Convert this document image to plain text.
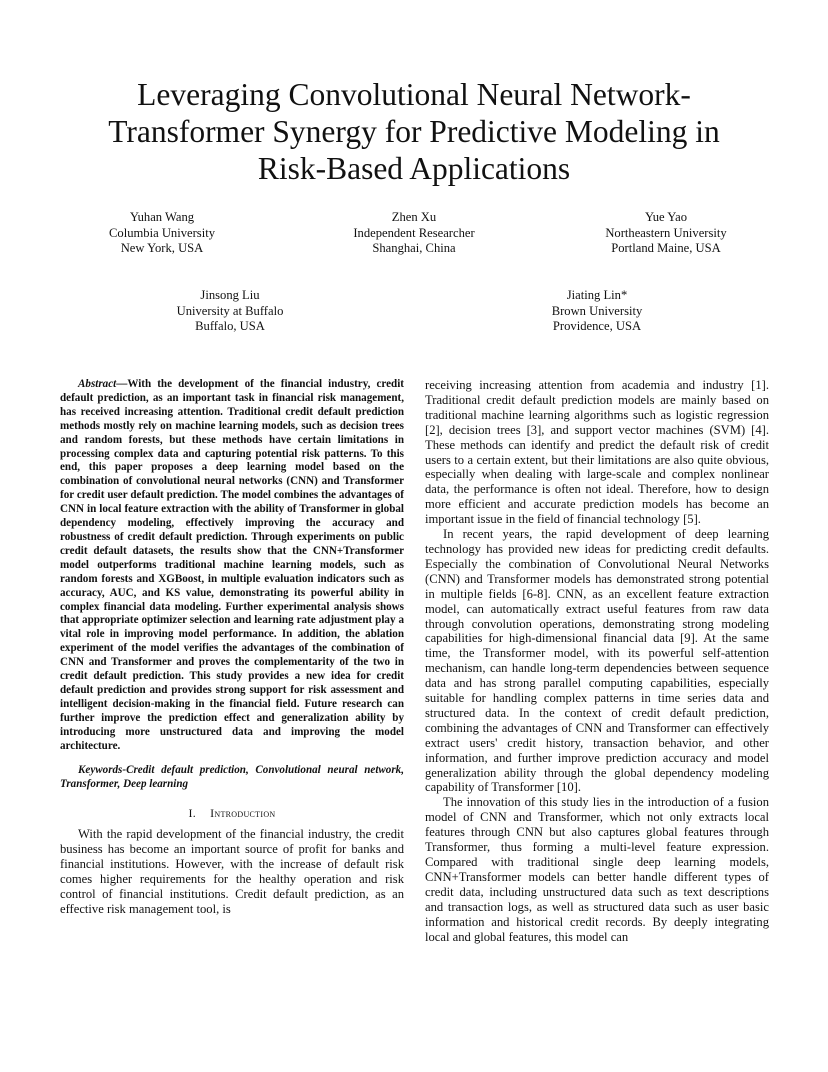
Leveraging Convolutional Neural Network-
Transformer Synergy for Predictive Modeling in
Risk-Based Applications
Yuhan Wang
Columbia University
New York, USA
Zhen Xu
Independent Researcher
Shanghai, China
Yue Yao
Northeastern University
Portland Maine, USA
Jinsong Liu
University at Buffalo
Buffalo, USA
Jiating Lin*
Brown University
Providence, USA

Abstract—With the development of the financial industry, credit default prediction, as an important task in financial risk management, has received increasing attention. Traditional credit default prediction methods mostly rely on machine learning models, such as decision trees and random forests, but these methods have certain limitations in processing complex data and capturing potential risk patterns. To this end, this paper proposes a deep learning model based on the combination of convolutional neural networks (CNN) and Transformer for credit user default prediction. The model combines the advantages of CNN in local feature extraction with the ability of Transformer in global dependency modeling, effectively improving the accuracy and robustness of credit default prediction. Through experiments on public credit default datasets, the results show that the CNN+Transformer model outperforms traditional machine learning models, such as random forests and XGBoost, in multiple evaluation indicators such as accuracy, AUC, and KS value, demonstrating its powerful ability in complex financial data modeling. Further experimental analysis shows that appropriate optimizer selection and learning rate adjustment play a vital role in improving model performance. In addition, the ablation experiment of the model verifies the advantages of the combination of CNN and Transformer and proves the complementarity of the two in credit default prediction. This study provides a new idea for credit default prediction and provides strong support for risk assessment and intelligent decision-making in the financial field. Future research can further improve the prediction effect and generalization ability by introducing more unstructured data and improving the model architecture.

Keywords-Credit default prediction, Convolutional neural network, Transformer, Deep learning

I. Introduction

With the rapid development of the financial industry, the credit business has become an important source of profit for banks and financial institutions. However, with the increase of default risk comes higher requirements for the healthy operation and risk control of financial institutions. Credit default prediction, as an effective risk management tool, is

receiving increasing attention from academia and industry [1]. Traditional credit default prediction models are mainly based on traditional machine learning algorithms such as logistic regression [2], decision trees [3], and support vector machines (SVM) [4]. These methods can identify and predict the default risk of credit users to a certain extent, but their limitations are also quite obvious, especially when dealing with large-scale and complex nonlinear data, the performance is often not ideal. Therefore, how to design more efficient and accurate prediction models has become an important issue in the field of financial technology [5].

In recent years, the rapid development of deep learning technology has provided new ideas for predicting credit defaults. Especially the combination of Convolutional Neural Networks (CNN) and Transformer models has demonstrated strong potential in multiple fields [6-8]. CNN, as an excellent feature extraction model, can automatically extract useful features from raw data through convolution operations, demonstrating strong modeling capabilities for high-dimensional financial data [9]. At the same time, the Transformer model, with its powerful self-attention mechanism, can handle long-term dependencies between sequence data and has strong parallel computing capabilities, especially suitable for handling complex patterns in time series data and structured data. In the context of credit default prediction, combining the advantages of CNN and Transformer can effectively extract users' credit history, transaction behavior, and other information, and further improve prediction accuracy and model generalization ability through the global dependency modeling capability of Transformer [10].

The innovation of this study lies in the introduction of a fusion model of CNN and Transformer, which not only extracts local features through CNN but also captures global features through Transformer, thus forming a multi-level feature expression. Compared with traditional single deep learning models, CNN+Transformer models can better handle different types of credit data, including unstructured data such as text descriptions and transaction logs, as well as structured data such as user basic information and historical credit records. By deeply integrating local and global features, this model can
